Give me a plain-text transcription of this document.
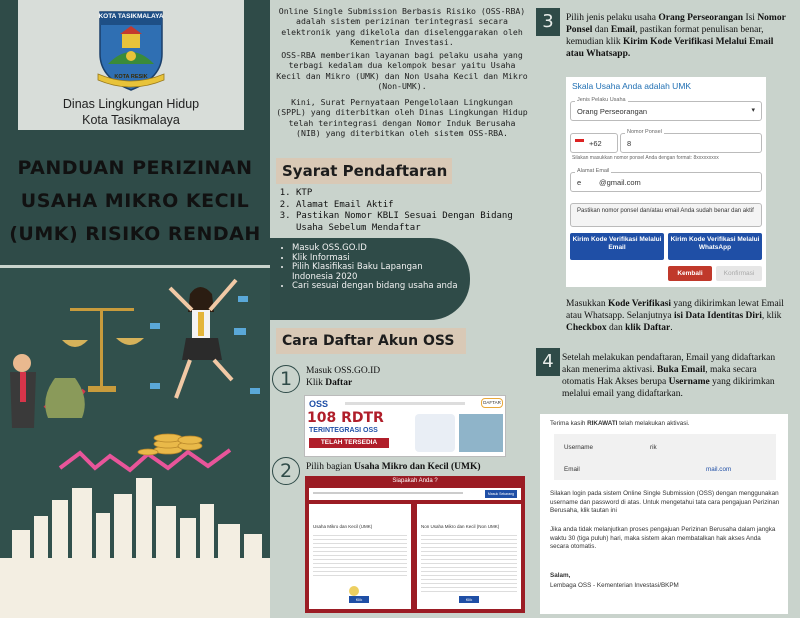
KOTA TASIKMALAYA
KOTA RESIK
Dinas Lingkungan Hidup
Kota Tasikmalaya
PANDUAN PERIZINAN
USAHA MIKRO KECIL
(UMK) RISIKO RENDAH
Online Single Submission Berbasis Risiko (OSS-RBA) adalah sistem perizinan terintegrasi secara elektronik yang dikelola dan diselenggarakan oleh Kementrian Investasi.
OSS-RBA memberikan layanan bagi pelaku usaha yang terbagi kedalam dua kelompok besar yaitu Usaha Kecil dan Mikro (UMK) dan Non Usaha Kecil dan Mikro (Non-UMK).
Kini, Surat Pernyataan Pengelolaan Lingkungan (SPPL) yang diterbitkan oleh Dinas Lingkungan Hidup telah terintegrasi dengan Nomor Induk Berusaha (NIB) yang diterbitkan oleh sistem OSS-RBA.
Syarat Pendaftaran
1. KTP
2. Alamat Email Aktif
3. Pastikan Nomor KBLI Sesuai Dengan Bidang Usaha Sebelum Mendaftar
• Masuk OSS.GO.ID
• Klik Informasi
• Pilih Klasifikasi Baku Lapangan Indonesia 2020
• Cari sesuai dengan bidang usaha anda
Cara Daftar Akun OSS
1	Masuk OSS.GO.ID
Klik Daftar
OSS	DAFTAR
108 RDTR
TERINTEGRASI OSS
TELAH TERSEDIA
2	Pilih bagian Usaha Mikro dan Kecil (UMK)
Siapakah Anda ?
Masuk Sekarang
Usaha Mikro dan Kecil (UMK)
Klik
Non Usaha Mikro dan Kecil (Non UMK)
Klik
3	Pilih jenis pelaku usaha Orang Perseorangan Isi Nomor Ponsel dan Email, pastikan format penulisan benar, kemudian klik Kirim Kode Verifikasi Melalui Email atau Whatsapp.
Skala Usaha Anda adalah UMK
Jenis Pelaku Usaha
Orang Perseorangan	▾
+62
Nomor Ponsel
8
Silakan masukkan nomor ponsel Anda dengan format: 8xxxxxxxxx
Alamat Email
e @gmail.com
Pastikan nomor ponsel dan/atau email Anda sudah benar dan aktif
Kirim Kode Verifikasi Melalui Email
Kirim Kode Verifikasi Melalui WhatsApp
Kembali	Konfirmasi
Masukkan Kode Verifikasi yang dikirimkan lewat Email atau Whatsapp. Selanjutnya isi Data Identitas Diri, klik Checkbox dan klik Daftar.
4 Setelah melakukan pendaftaran, Email yang didaftarkan akan menerima aktivasi. Buka Email, maka secara otomatis Hak Akses berupa Username yang dikirimkan melalui email yang didaftarkan.
Terima kasih RIKAWATI telah melakukan aktivasi.
Username	rik
Email	mail.com
Silakan login pada sistem Online Single Submission (OSS) dengan menggunakan username dan password di atas. Untuk mengetahui tata cara pengajuan Perizinan Berusaha, klik tautan ini
Jika anda tidak melanjutkan proses pengajuan Perizinan Berusaha dalam jangka waktu 30 (tiga puluh) hari, maka sistem akan membatalkan hak akses Anda secara otomatis.
Salam,
Lembaga OSS - Kementerian Investasi/BKPM
